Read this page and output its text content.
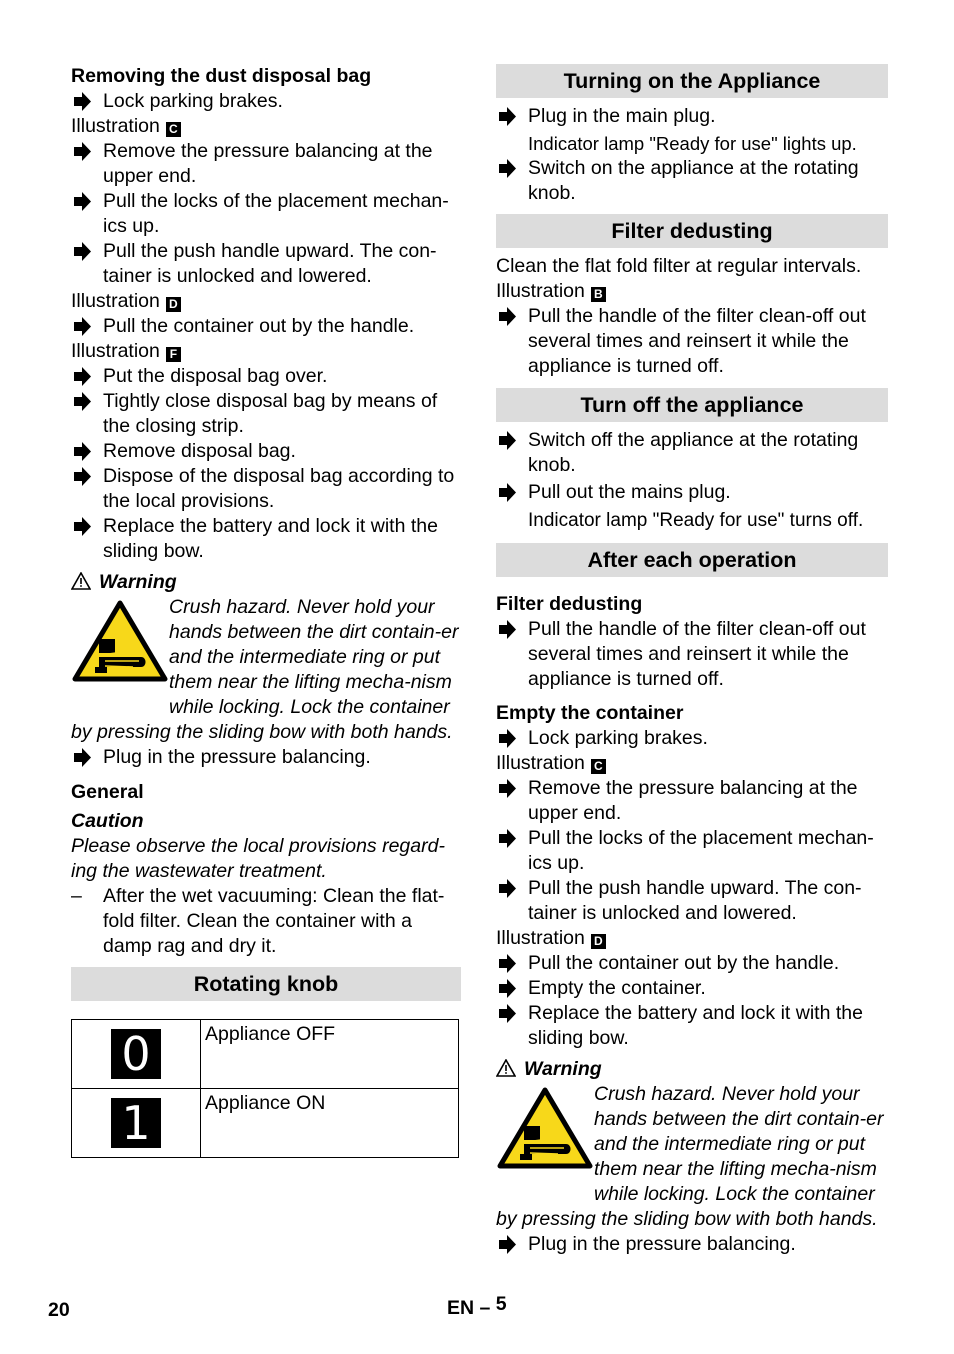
Removing the dust disposal bag

Lock parking brakes.

Illustration C

Remove the pressure balancing at the upper end.

Pull the locks of the placement mechan-ics up.

Pull the push handle upward. The con-tainer is unlocked and lowered.

Illustration D

Pull the container out by the handle.

Illustration F

Put the disposal bag over.

Tightly close disposal bag by means of the closing strip.

Remove disposal bag.

Dispose of the disposal bag according to the local provisions.

Replace the battery and lock it with the sliding bow.

Warning

Crush hazard. Never hold your hands between the dirt contain-er and the intermediate ring or put them near the lifting mecha-nism while locking. Lock the container by pressing the sliding bow with both hands.

Plug in the pressure balancing.

General

Caution

Please observe the local provisions regard-ing the wastewater treatment.

– After the wet vacuuming: Clean the flat-fold filter. Clean the container with a damp rag and dry it.

Rotating knob

0	Appliance OFF
1	Appliance ON

Turning on the Appliance

Plug in the main plug.

Indicator lamp "Ready for use" lights up.

Switch on the appliance at the rotating knob.

Filter dedusting

Clean the flat fold filter at regular intervals.

Illustration B

Pull the handle of the filter clean-off out several times and reinsert it while the appliance is turned off.

Turn off the appliance

Switch off the appliance at the rotating knob.

Pull out the mains plug.

Indicator lamp "Ready for use" turns off.

After each operation

Filter dedusting

Pull the handle of the filter clean-off out several times and reinsert it while the appliance is turned off.

Empty the container

Lock parking brakes.

Illustration C

Remove the pressure balancing at the upper end.

Pull the locks of the placement mechan-ics up.

Pull the push handle upward. The con-tainer is unlocked and lowered.

Illustration D

Pull the container out by the handle.

Empty the container.

Replace the battery and lock it with the sliding bow.

Warning

Crush hazard. Never hold your hands between the dirt contain-er and the intermediate ring or put them near the lifting mecha-nism while locking. Lock the container by pressing the sliding bow with both hands.

Plug in the pressure balancing.

20	EN – 5
